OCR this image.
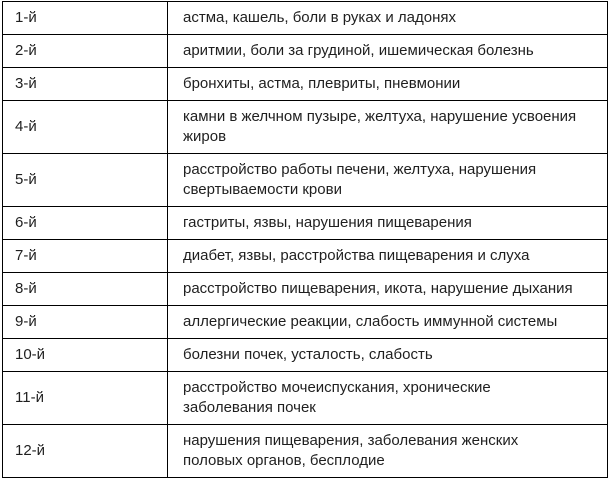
1-й	астма, кашель, боли в руках и ладонях
2-й	аритмии, боли за грудиной, ишемическая болезнь
3-й	бронхиты, астма, плевриты, пневмонии
4-й	камни в желчном пузыре, желтуха, нарушение усвоения жиров
5-й	расстройство работы печени, желтуха, нарушения свертываемости крови
6-й	гастриты, язвы, нарушения пищеварения
7-й	диабет, язвы, расстройства пищеварения и слуха
8-й	расстройство пищеварения, икота, нарушение дыхания
9-й	аллергические реакции, слабость иммунной системы
10-й	болезни почек, усталость, слабость
11-й	расстройство мочеиспускания, хронические заболевания почек
12-й	нарушения пищеварения, заболевания женских половых органов, бесплодие
